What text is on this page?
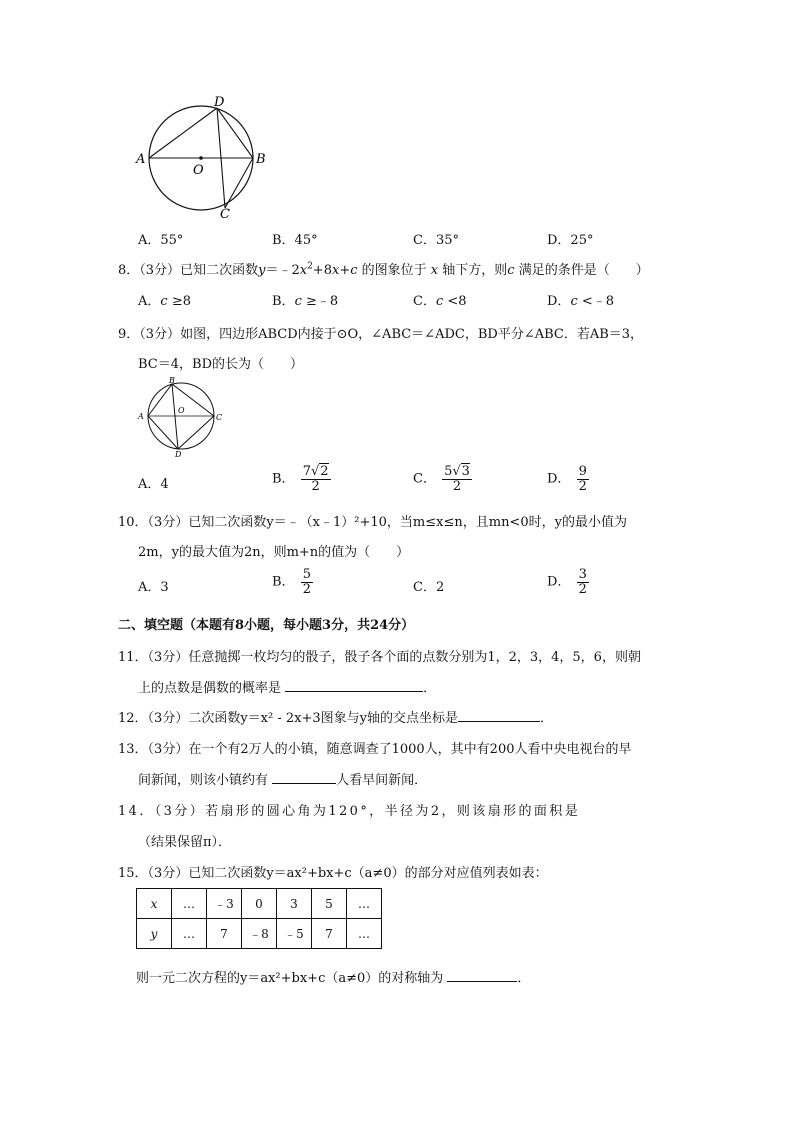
A	B
D
C
O
A．55°	B．45°	C．35°	D．25°
8．（3分）已知二次函数$y=﹣2x^2+8x+c$ 的图象位于 x 轴下方，则c 满足的条件是（　　）
A．c ≥8	B．c ≥﹣8	C．c <8	D．c <﹣8
9．（3分）如图，四边形ABCD内接于⊙O，∠ABC＝∠ADC，BD平分∠ABC．若AB＝3，
BC＝4，BD的长为（　　）
A
B
C
D
O
A．4	B． $\frac{7√2}{2}$	C． $\frac{5√3}{2}$	D． $\frac{9}{2}$
10．（3分）已知二次函数y＝﹣（x﹣1）²+10，当m≤x≤n，且mn<0时，y的最小值为
2m，y的最大值为2n，则m+n的值为（　　）
A．3	B． $\frac{5}{2}$	C．2	D． $\frac{3}{2}$
二、填空题（本题有8小题，每小题3分，共24分）
11．（3分）任意抛掷一枚均匀的骰子，骰子各个面的点数分别为1，2，3，4，5，6，则朝
上的点数是偶数的概率是	．
12．（3分）二次函数y＝x² - 2x+3图象与y轴的交点坐标是	．
13．（3分）在一个有2万人的小镇，随意调查了1000人，其中有200人看中央电视台的早
间新闻，则该小镇约有	人看早间新闻．
14．（3分）若扇形的圆心角为120°，半径为2，则该扇形的面积是
（结果保留π）．
15．（3分）已知二次函数y＝ax²+bx+c（a≠0）的部分对应值列表如表：
x	…	﹣3	0	3	5	…
y	…	7	﹣8	﹣5	7	…
则一元二次方程的y＝ax²+bx+c（a≠0）的对称轴为	．
